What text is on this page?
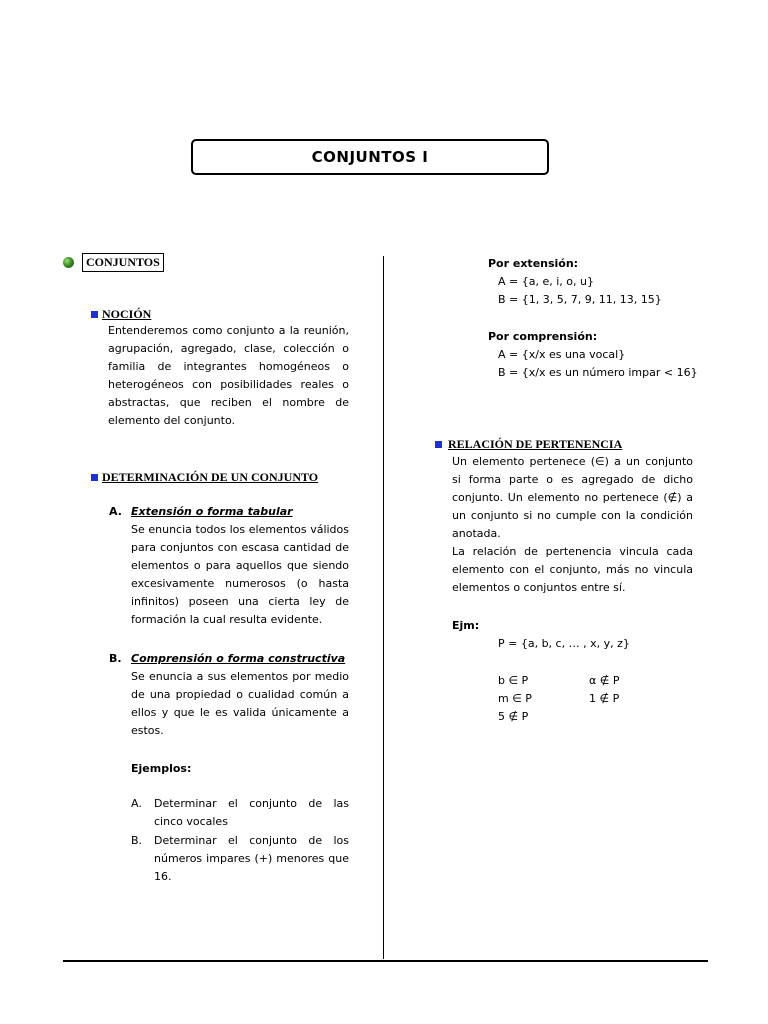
CONJUNTOS I
CONJUNTOS
NOCIÓN

Entenderemos como conjunto a la reunión, agrupación, agregado, clase, colección o familia de integrantes homogéneos o heterogéneos con posibilidades reales o abstractas, que reciben el nombre de elemento del conjunto.

DETERMINACIÓN DE UN CONJUNTO
A. Extensión o forma tabular

Se enuncia todos los elementos válidos para conjuntos con escasa cantidad de elementos o para aquellos que siendo excesivamente numerosos (o hasta infinitos) poseen una cierta ley de formación la cual resulta evidente.

B. Comprensión o forma constructiva

Se enuncia a sus elementos por medio de una propiedad o cualidad común a ellos y que le es valida únicamente a estos.

Ejemplos:
A. Determinar el conjunto de las cinco vocales

B. Determinar el conjunto de los números impares (+) menores que 16.

Por extensión:
A = {a, e, i, o, u}
B = {1, 3, 5, 7, 9, 11, 13, 15}
Por comprensión:
A = {x/x es una vocal}
B = {x/x es un número impar < 16}
RELACIÓN DE PERTENENCIA

Un elemento pertenece (∈) a un conjunto si forma parte o es agregado de dicho conjunto. Un elemento no pertenece (∉) a un conjunto si no cumple con la condición anotada.

La relación de pertenencia vincula cada elemento con el conjunto, más no vincula elementos o conjuntos entre sí.

Ejm:
P = {a, b, c, … , x, y, z}
b ∈ P	α ∉ P
m ∈ P	1 ∉ P
5 ∉ P
